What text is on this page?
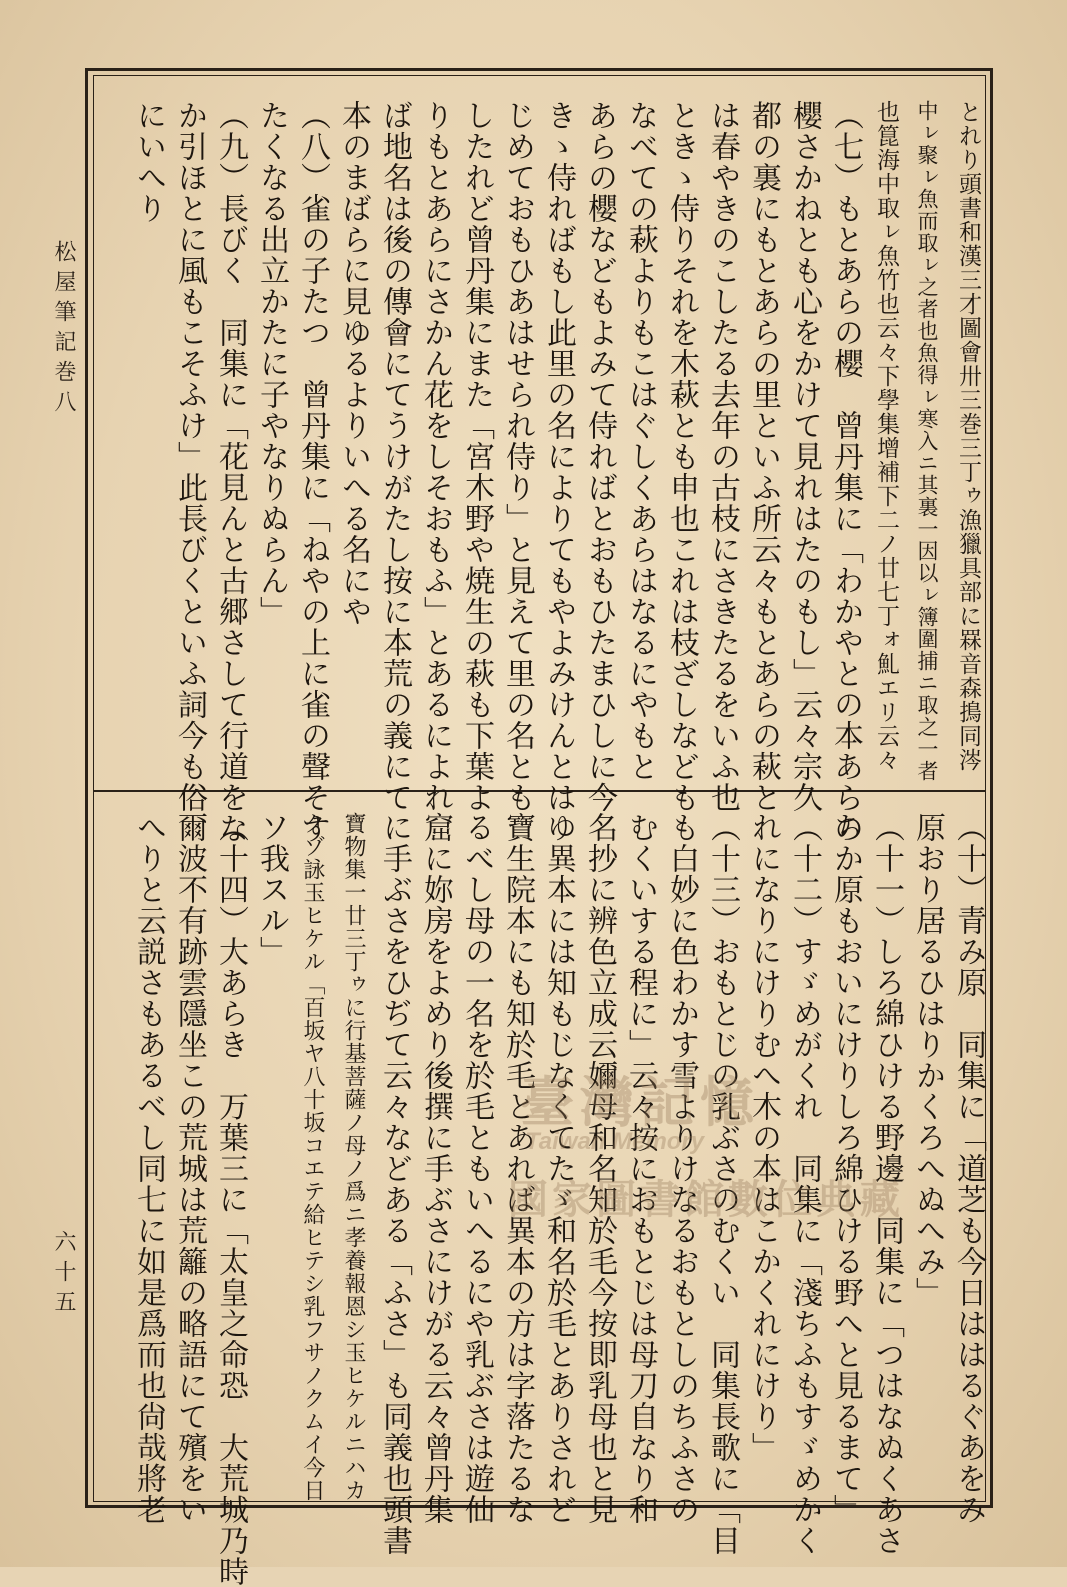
松屋筆記巻八
六十五
とれり頭書和漢三才圖會卅三巻三丁ゥ漁獵具部に罧音森㨶同涔
中ㇾ聚ㇾ魚而取ㇾ之者也魚得ㇾ寒入ニ其裏一因以ㇾ簿圍捕ニ取之一者
也箟海中取ㇾ魚竹也云々下學集增補下二ノ廿七丁ォ䰲エリ云々
（七）もとあらの櫻　曾丹集に「わかやとの本あらの
櫻さかねとも心をかけて見れはたのもし」云々宗久
都の裏にもとあらの里といふ所云々もとあらの萩と
は春やきのこしたる去年の古枝にさきたるをいふ也
ときゝ侍りそれを木萩とも申也これは枝ざしなども
なべての萩よりもこはぐしくあらはなるにやもと
あらの櫻などもよみて侍ればとおもひたまひしに今
きゝ侍ればもし此里の名によりてもやよみけんとは
じめておもひあはせられ侍り」と見えて里の名とも
したれど曾丹集にまた「宮木野や焼生の萩も下葉よ
りもとあらにさかん花をしそおもふ」とあるによれ
ば地名は後の傳會にてうけがたし按に本荒の義にて
本のまばらに見ゆるよりいへる名にや
（八）雀の子たつ　曾丹集に「ねやの上に雀の聲そす
たくなる出立かたに子やなりぬらん」
（九）長びく　同集に「花見んと古郷さして行道をな
か引ほとに風もこそふけ」此長びくといふ詞今も俗
にいへり
（十）青み原　同集に「道芝も今日ははるぐあをみ
原おり居るひはりかくろへぬへみ」
（十一）しろ綿ひける野邊　同集に「つはなぬくあさ
ちか原もおいにけりしろ綿ひける野へと見るまて」
（十二）すゞめがくれ　同集に「淺ちふもすゞめかく
れになりにけりむへ木の本はこかくれにけり」
（十三）おもとじの乳ぶさのむくい　同集長歌に「目
も白妙に色わかす雪よりけなるおもとしのちふさの
むくいする程に」云々按におもとじは母刀自なり和
名抄に辨色立成云嬭母和名知於毛今按即乳母也と見
ゆ異本には知もじなくてたゞ和名於毛とありされど
寶生院本にも知於毛とあれば異本の方は字落たるな
るべし母の一名を於毛ともいへるにや乳ぶさは遊仙
窟に妳房をよめり後撰に手ぶさにけがる云々曾丹集
に手ぶさをひぢて云々などある「ふさ」も同義也頭書
寶物集一廿三丁ゥに行基菩薩ノ母ノ爲ニ孝養報恩シ玉ヒケルニハカ
クゾ詠玉ヒケル「百坂ヤ八十坂コエテ給ヒテシ乳フサノクムイ今日
ソ我スル」
（十四）大あらき　万葉三に「太皇之命恐　大荒城乃時
爾波不有跡雲隱坐この荒城は荒籬の略語にて殯をい
へりと云説さもあるべし同七に如是爲而也尙哉將老	臺灣記憶
Taiwan Memory
國家圖書館數位典藏
